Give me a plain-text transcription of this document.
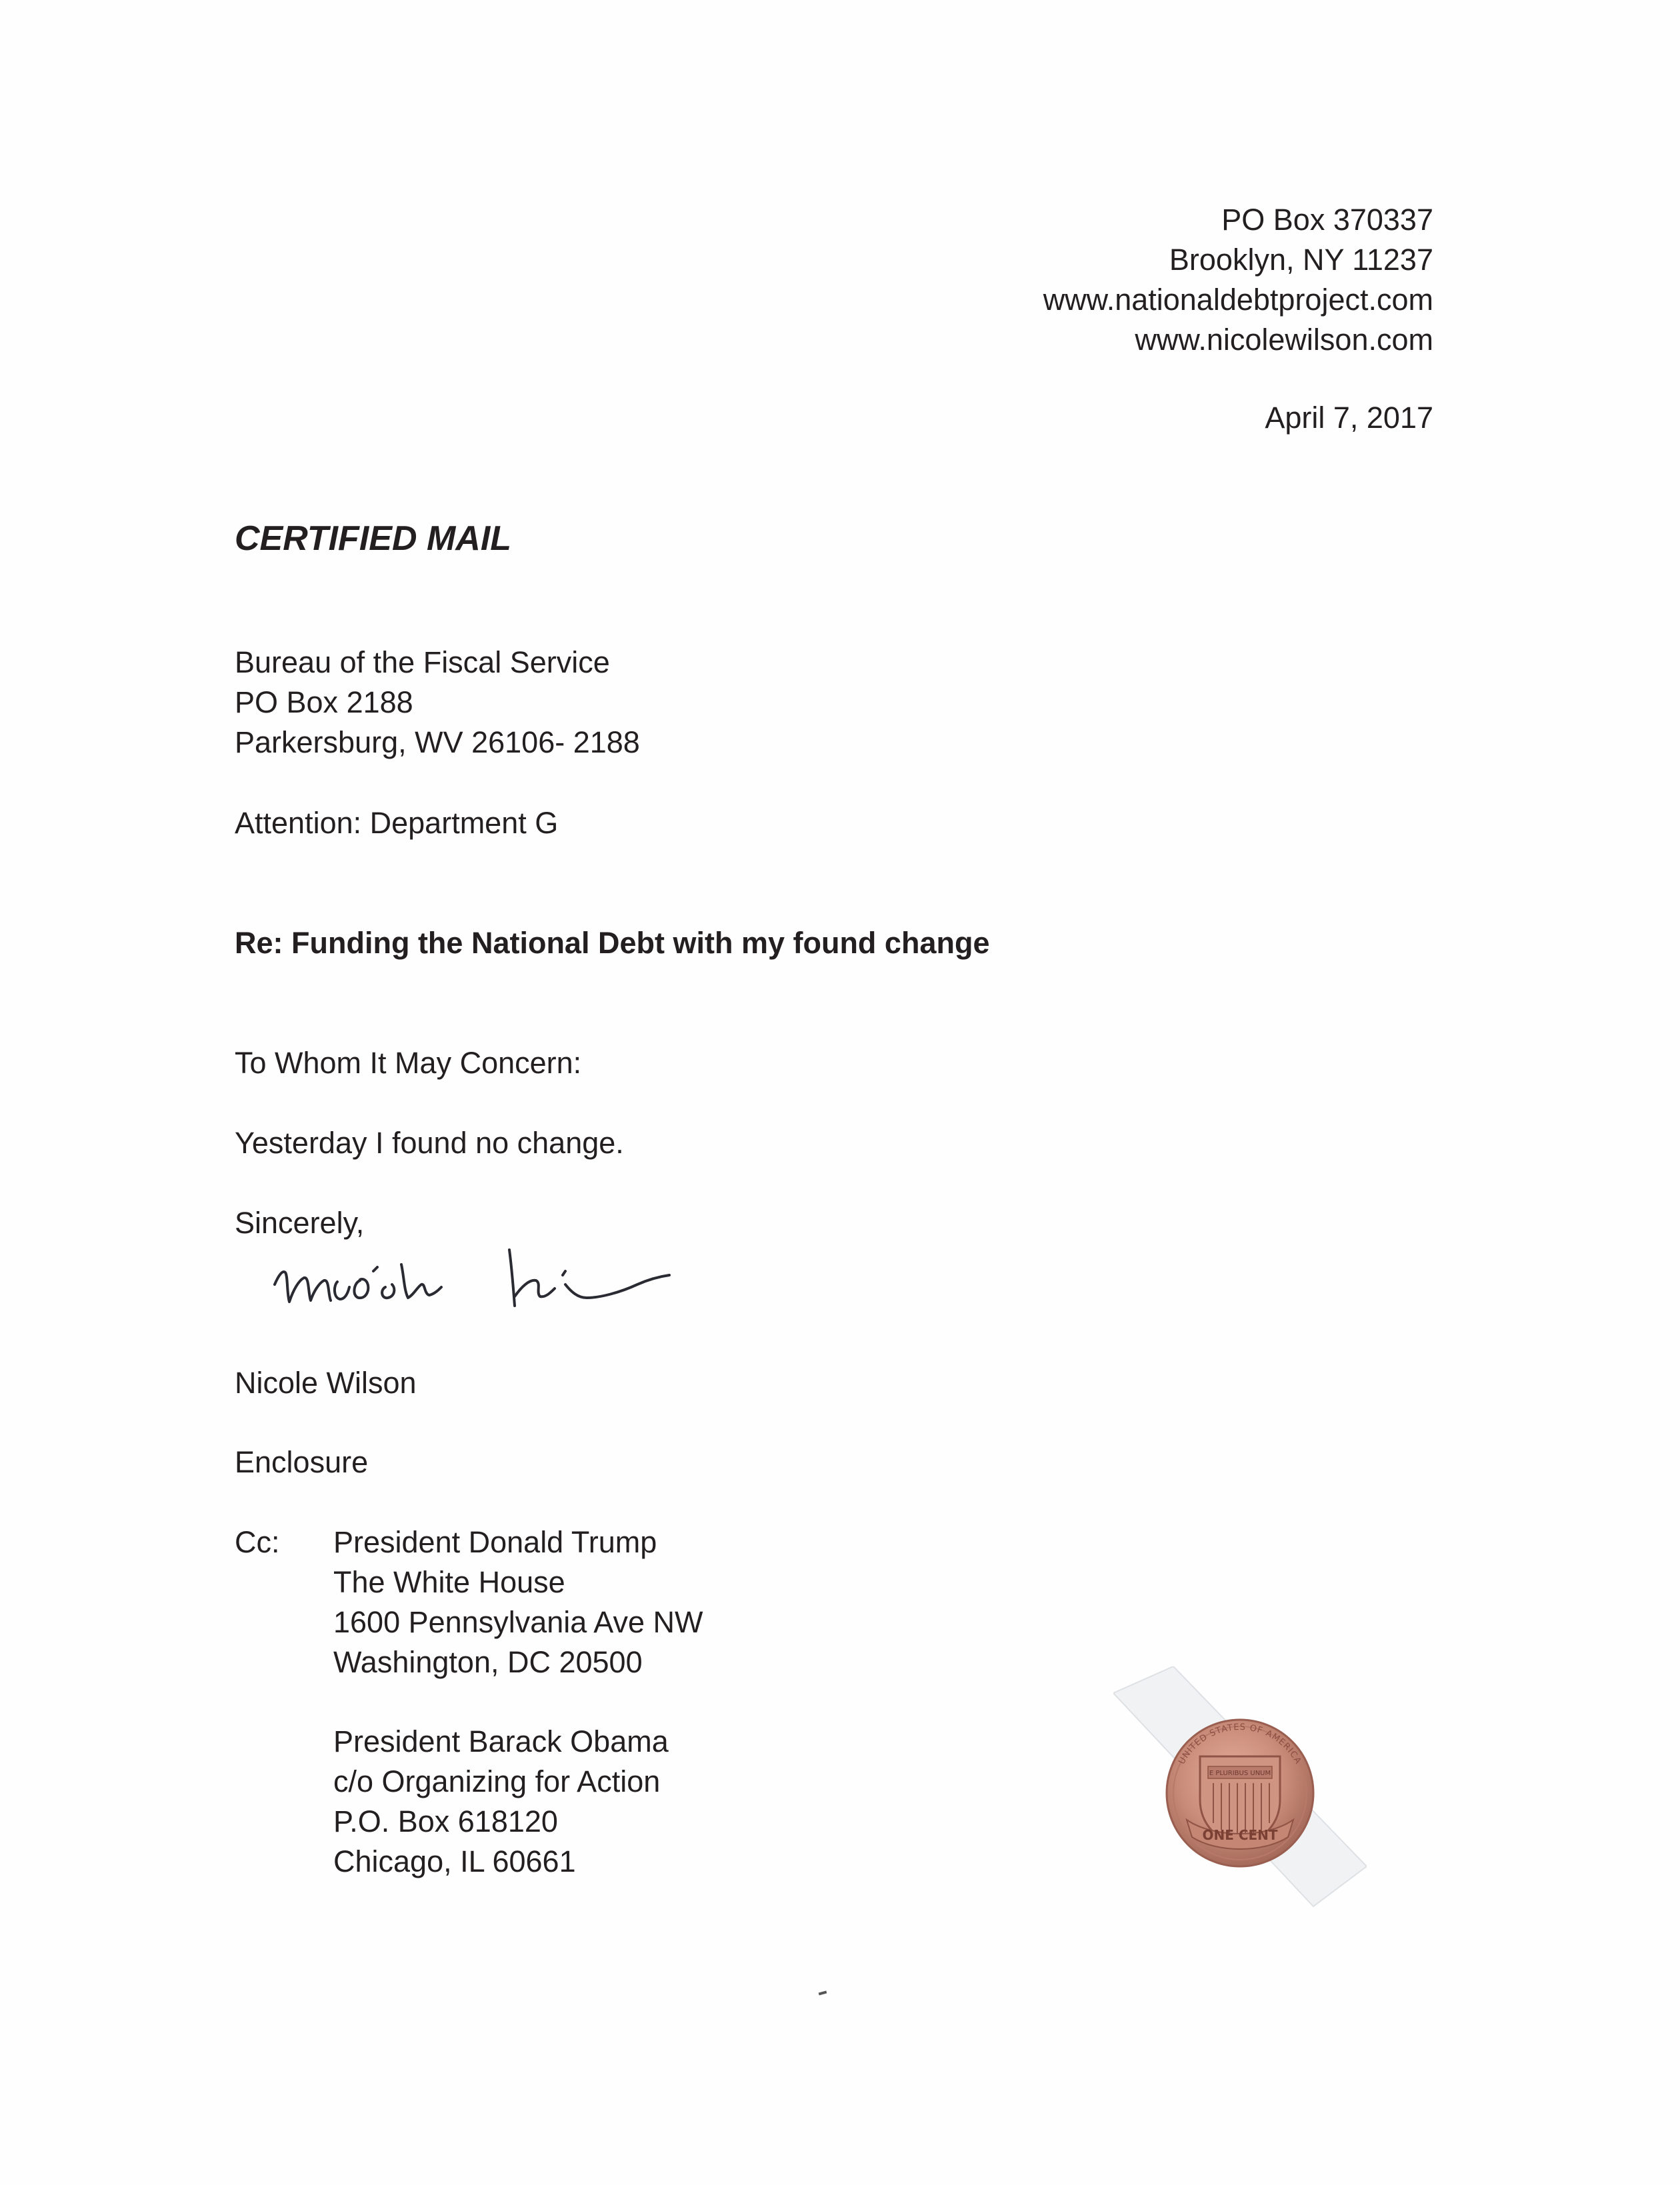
PO Box 370337
Brooklyn, NY 11237
www.nationaldebtproject.com
www.nicolewilson.com
April 7, 2017
CERTIFIED MAIL
Bureau of the Fiscal Service
PO Box 2188
Parkersburg, WV 26106- 2188
Attention: Department G
Re: Funding the National Debt with my found change
To Whom It May Concern:
Yesterday I found no change.
Sincerely,
Nicole Wilson
Enclosure
Cc: President Donald Trump
The White House
1600 Pennsylvania Ave NW
Washington, DC 20500
President Barack Obama
c/o Organizing for Action
P.O. Box 618120
Chicago, IL 60661
UNITED STATES OF AMERICA
E PLURIBUS UNUM
ONE CENT
